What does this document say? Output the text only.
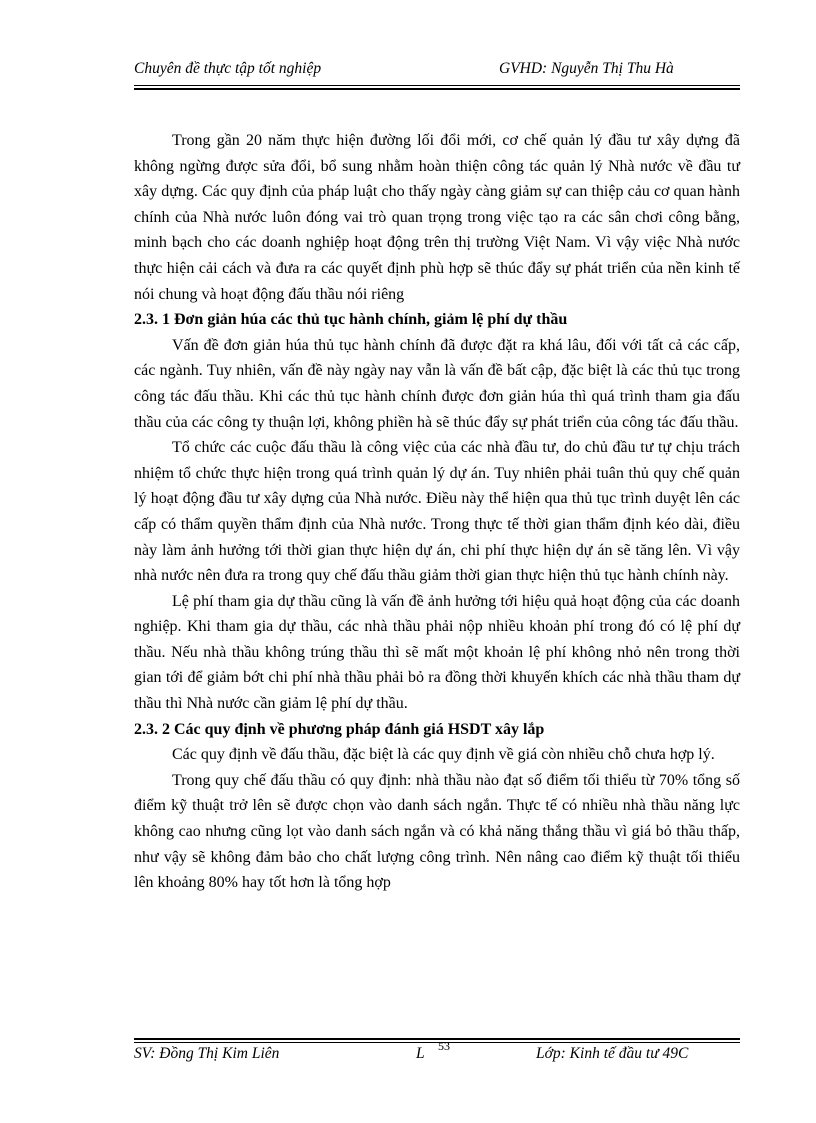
Chuyên đề thực tập tốt nghiệp	GVHD: Nguyễn Thị Thu Hà

Trong gần 20 năm thực hiện đường lối đổi mới, cơ chế quản lý đầu tư xây dựng đã không ngừng được sửa đổi, bổ sung nhằm hoàn thiện công tác quản lý Nhà nước về đầu tư xây dựng. Các quy định của pháp luật cho thấy ngày càng giảm sự can thiệp cảu cơ quan hành chính của Nhà nước luôn đóng vai trò quan trọng trong việc tạo ra các sân chơi công bằng, minh bạch cho các doanh nghiệp hoạt động trên thị trường Việt Nam. Vì vậy việc Nhà nước thực hiện cải cách và đưa ra các quyết định phù hợp sẽ thúc đẩy sự phát triển của nền kinh tế nói chung và hoạt động đấu thầu nói riêng

2.3. 1 Đơn giản húa các thủ tục hành chính, giảm lệ phí dự thầu

Vấn đề đơn giản húa thủ tục hành chính đã được đặt ra khá lâu, đối với tất cả các cấp, các ngành. Tuy nhiên, vấn đề này ngày nay vẫn là vấn đề bất cập, đặc biệt là các thủ tục trong công tác đấu thầu. Khi các thủ tục hành chính được đơn giản húa thì quá trình tham gia đấu thầu của các công ty thuận lợi, không phiền hà sẽ thúc đẩy sự phát triển của công tác đấu thầu.

Tổ chức các cuộc đấu thầu là công việc của các nhà đầu tư, do chủ đầu tư tự chịu trách nhiệm tổ chức thực hiện trong quá trình quản lý dự án. Tuy nhiên phải tuân thủ quy chế quản lý hoạt động đầu tư xây dựng của Nhà nước. Điều này thể hiện qua thủ tục trình duyệt lên các cấp có thẩm quyền thẩm định của Nhà nước. Trong thực tế thời gian thẩm định kéo dài, điều này làm ảnh hưởng tới thời gian thực hiện dự án, chi phí thực hiện dự án sẽ tăng lên. Vì vậy nhà nước nên đưa ra trong quy chế đấu thầu giảm thời gian thực hiện thủ tục hành chính này.

Lệ phí tham gia dự thầu cũng là vấn đề ảnh hưởng tới hiệu quả hoạt động của các doanh nghiệp. Khi tham gia dự thầu, các nhà thầu phải nộp nhiều khoản phí trong đó có lệ phí dự thầu. Nếu nhà thầu không trúng thầu thì sẽ mất một khoản lệ phí không nhỏ nên trong thời gian tới để giảm bớt chi phí nhà thầu phải bỏ ra đồng thời khuyến khích các nhà thầu tham dự thầu thì Nhà nước cần giảm lệ phí dự thầu.

2.3. 2 Các quy định về phương pháp đánh giá HSDT xây lắp

Các quy định về đấu thầu, đặc biệt là các quy định về giá còn nhiều chỗ chưa hợp lý.

Trong quy chế đấu thầu có quy định: nhà thầu nào đạt số điểm tối thiểu từ 70% tổng số điểm kỹ thuật trở lên sẽ được chọn vào danh sách ngắn. Thực tế có nhiều nhà thầu năng lực không cao nhưng cũng lọt vào danh sách ngắn và có khả năng thắng thầu vì giá bỏ thầu thấp, như vậy sẽ không đảm bảo cho chất lượng công trình. Nên nâng cao điểm kỹ thuật tối thiểu lên khoảng 80% hay tốt hơn là tổng hợp

SV: Đồng Thị Kim Liên	L 53	Lớp: Kinh tế đầu tư 49C
